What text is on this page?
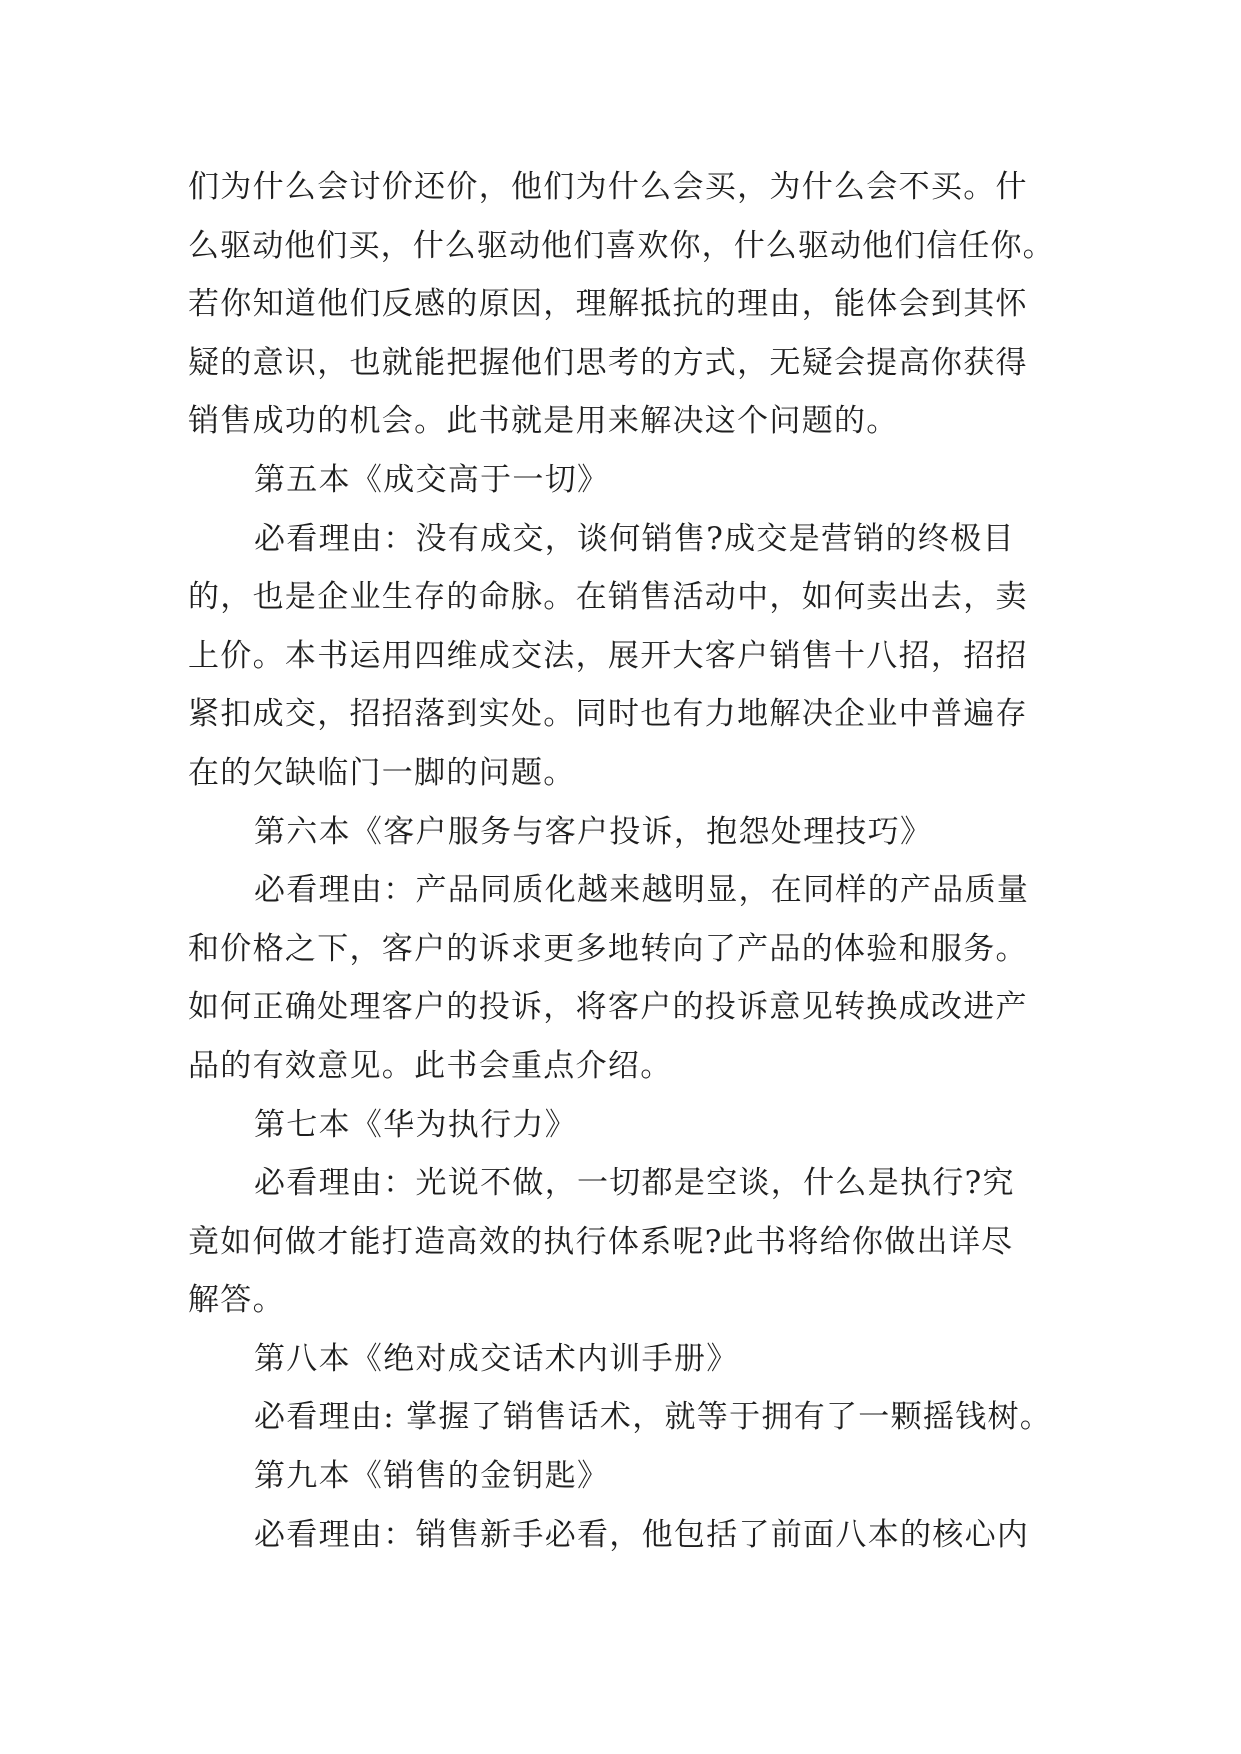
们为什么会讨价还价，他们为什么会买，为什么会不买。什
么驱动他们买，什么驱动他们喜欢你，什么驱动他们信任你。
若你知道他们反感的原因，理解抵抗的理由，能体会到其怀
疑的意识，也就能把握他们思考的方式，无疑会提高你获得
销售成功的机会。此书就是用来解决这个问题的。
第五本《成交高于一切》
必看理由：没有成交，谈何销售?成交是营销的终极目
的，也是企业生存的命脉。在销售活动中，如何卖出去，卖
上价。本书运用四维成交法，展开大客户销售十八招，招招
紧扣成交，招招落到实处。同时也有力地解决企业中普遍存
在的欠缺临门一脚的问题。
第六本《客户服务与客户投诉，抱怨处理技巧》
必看理由：产品同质化越来越明显，在同样的产品质量
和价格之下，客户的诉求更多地转向了产品的体验和服务。
如何正确处理客户的投诉，将客户的投诉意见转换成改进产
品的有效意见。此书会重点介绍。
第七本《华为执行力》
必看理由：光说不做，一切都是空谈，什么是执行?究
竟如何做才能打造高效的执行体系呢?此书将给你做出详尽
解答。
第八本《绝对成交话术内训手册》
必看理由: 掌握了销售话术，就等于拥有了一颗摇钱树。
第九本《销售的金钥匙》
必看理由：销售新手必看，他包括了前面八本的核心内
